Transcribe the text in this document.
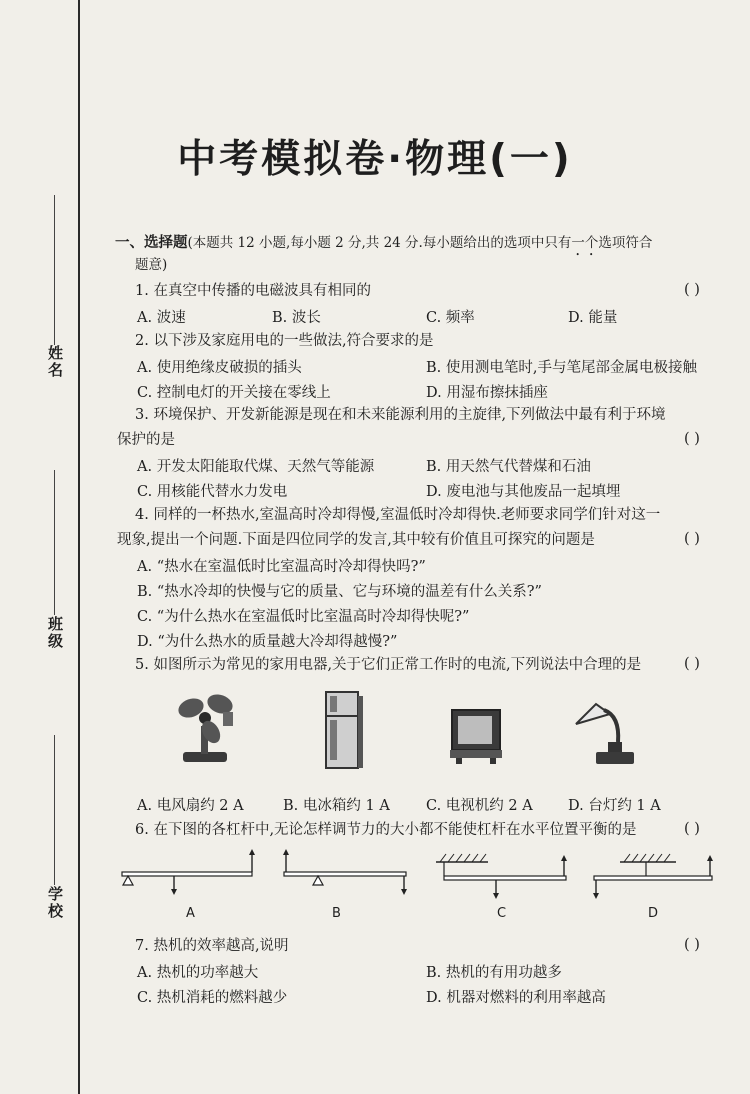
姓名
班级
学校
中考模拟卷·物理(一)
一、选择题(本题共 12 小题,每小题 2 分,共 24 分.每小题给出的选项中只有一个选项符合
题意)
1. 在真空中传播的电磁波具有相同的	( )
A. 波速	B. 波长	C. 频率	D. 能量
2. 以下涉及家庭用电的一些做法,符合要求的是
A. 使用绝缘皮破损的插头	B. 使用测电笔时,手与笔尾部金属电极接触
C. 控制电灯的开关接在零线上	D. 用湿布擦抹插座
3. 环境保护、开发新能源是现在和未来能源利用的主旋律,下列做法中最有利于环境
保护的是	( )
A. 开发太阳能取代煤、天然气等能源	B. 用天然气代替煤和石油
C. 用核能代替水力发电	D. 废电池与其他废品一起填埋
4. 同样的一杯热水,室温高时冷却得慢,室温低时冷却得快.老师要求同学们针对这一
现象,提出一个问题.下面是四位同学的发言,其中较有价值且可探究的问题是	( )
A. “热水在室温低时比室温高时冷却得快吗?”
B. “热水冷却的快慢与它的质量、它与环境的温差有什么关系?”
C. “为什么热水在室温低时比室温高时冷却得快呢?”
D. “为什么热水的质量越大冷却得越慢?”
5. 如图所示为常见的家用电器,关于它们正常工作时的电流,下列说法中合理的是	( )
A. 电风扇约 2 A	B. 电冰箱约 1 A C. 电视机约 2 A D. 台灯约 1 A
6. 在下图的各杠杆中,无论怎样调节力的大小都不能使杠杆在水平位置平衡的是	( )
A	B	C	D
7. 热机的效率越高,说明	( )
A. 热机的功率越大	B. 热机的有用功越多
C. 热机消耗的燃料越少	D. 机器对燃料的利用率越高
